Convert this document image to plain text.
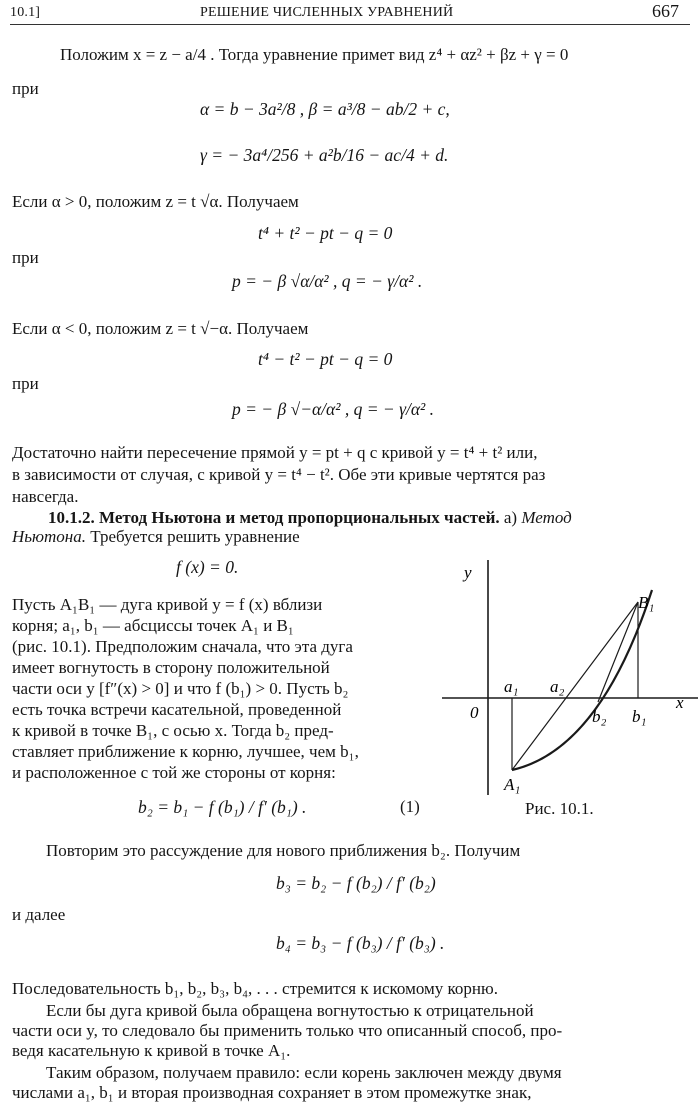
10.1]	РЕШЕНИЕ ЧИСЛЕННЫХ УРАВНЕНИЙ	667
Положим x = z − a/4 . Тогда уравнение примет вид z⁴ + αz² + βz + γ = 0
при
α = b − 3a²/8 , β = a³/8 − ab/2 + c,
γ = − 3a⁴/256 + a²b/16 − ac/4 + d.
Если α > 0, положим z = t √α. Получаем
t⁴ + t² − pt − q = 0
при
p = − β √α/α² , q = − γ/α² .
Если α < 0, положим z = t √−α. Получаем
t⁴ − t² − pt − q = 0
при
p = − β √−α/α² , q = − γ/α² .
Достаточно найти пересечение прямой y = pt + q с кривой y = t⁴ + t² или,
в зависимости от случая, с кривой y = t⁴ − t². Обе эти кривые чертятся раз
навсегда.
10.1.2. Метод Ньютона и метод пропорциональных частей. а) Метод
Ньютона. Требуется решить уравнение
f (x) = 0.
Пусть A₁B₁ — дуга кривой y = f (x) вблизи
корня; a₁, b₁ — абсциссы точек A₁ и B₁
(рис. 10.1). Предположим сначала, что эта дуга
имеет вогнутость в сторону положительной
части оси y [f″(x) > 0] и что f (b₁) > 0. Пусть b₂
есть точка встречи касательной, проведенной
к кривой в точке B₁, с осью x. Тогда b₂ пред-
ставляет приближение к корню, лучшее, чем b₁,
и расположенное с той же стороны от корня:
b₂ = b₁ − f (b₁) / f′ (b₁) .	(1)
y
x
0
a₁ a₂
b₂ b₁
B₁
A₁
Рис. 10.1.
Повторим это рассуждение для нового приближения b₂. Получим
b₃ = b₂ − f (b₂) / f′ (b₂)
и далее
b₄ = b₃ − f (b₃) / f′ (b₃) .
Последовательность b₁, b₂, b₃, b₄, . . . стремится к искомому корню.
Если бы дуга кривой была обращена вогнутостью к отрицательной
части оси y, то следовало бы применить только что описанный способ, про-
ведя касательную к кривой в точке A₁.
Таким образом, получаем правило: если корень заключен между двумя
числами a₁, b₁ и вторая производная сохраняет в этом промежутке знак,
